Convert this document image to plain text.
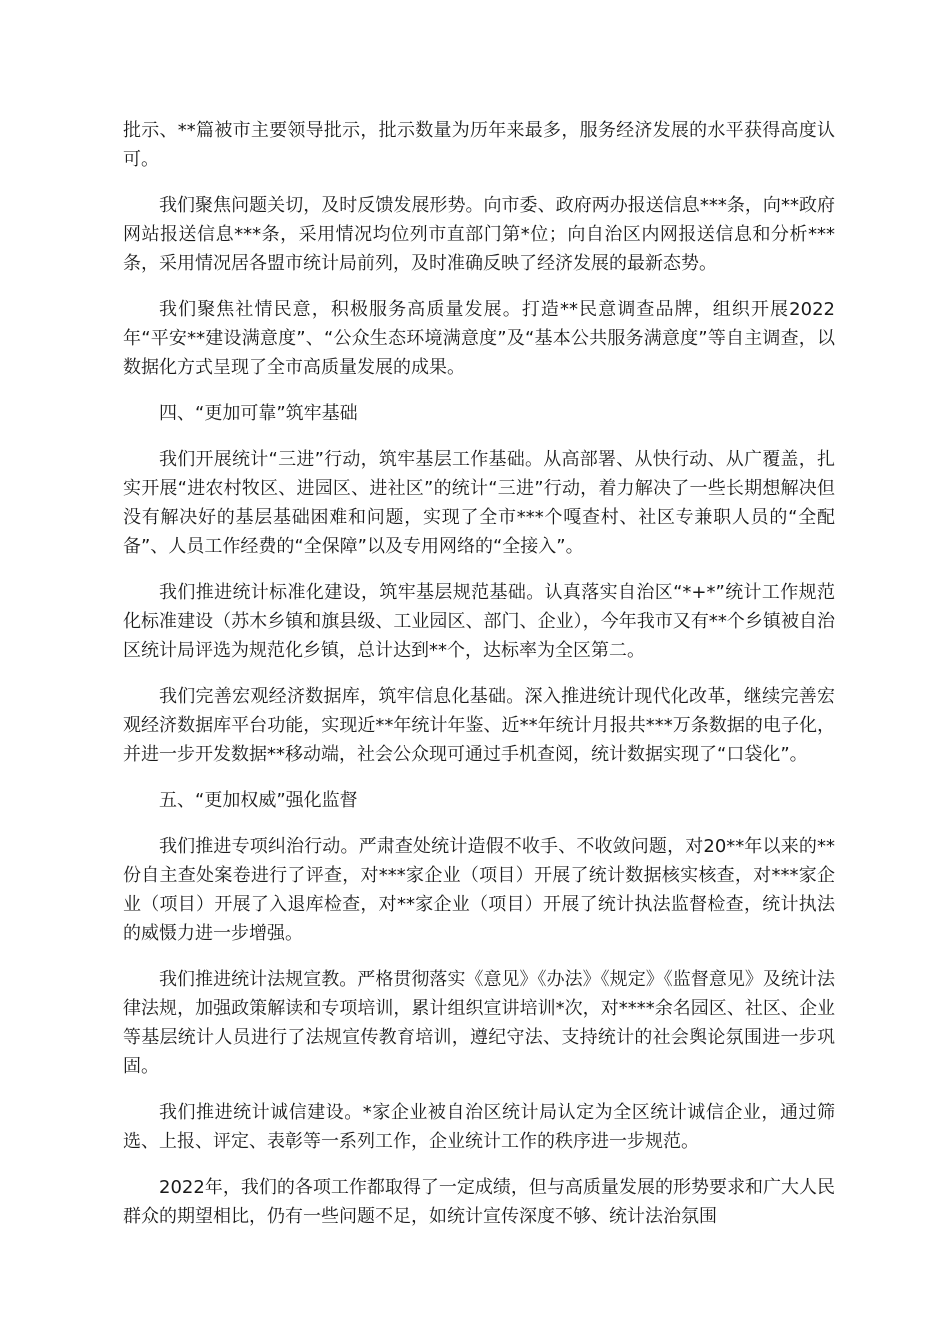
批示、**篇被市主要领导批示，批示数量为历年来最多，服务经济发展的水平获得高度认可。

我们聚焦问题关切，及时反馈发展形势。向市委、政府两办报送信息***条，向**政府网站报送信息***条，采用情况均位列市直部门第*位；向自治区内网报送信息和分析***条，采用情况居各盟市统计局前列，及时准确反映了经济发展的最新态势。

我们聚焦社情民意，积极服务高质量发展。打造**民意调查品牌，组织开展2022年“平安**建设满意度”、“公众生态环境满意度”及“基本公共服务满意度”等自主调查，以数据化方式呈现了全市高质量发展的成果。

四、“更加可靠”筑牢基础

我们开展统计“三进”行动，筑牢基层工作基础。从高部署、从快行动、从广覆盖，扎实开展“进农村牧区、进园区、进社区”的统计“三进”行动，着力解决了一些长期想解决但没有解决好的基层基础困难和问题，实现了全市***个嘎查村、社区专兼职人员的“全配备”、人员工作经费的“全保障”以及专用网络的“全接入”。

我们推进统计标准化建设，筑牢基层规范基础。认真落实自治区“*+*”统计工作规范化标准建设（苏木乡镇和旗县级、工业园区、部门、企业），今年我市又有**个乡镇被自治区统计局评选为规范化乡镇，总计达到**个，达标率为全区第二。

我们完善宏观经济数据库，筑牢信息化基础。深入推进统计现代化改革，继续完善宏观经济数据库平台功能，实现近**年统计年鉴、近**年统计月报共***万条数据的电子化，并进一步开发数据**移动端，社会公众现可通过手机查阅，统计数据实现了“口袋化”。

五、“更加权威”强化监督

我们推进专项纠治行动。严肃查处统计造假不收手、不收敛问题，对20**年以来的**份自主查处案卷进行了评查，对***家企业（项目）开展了统计数据核实核查，对***家企业（项目）开展了入退库检查，对**家企业（项目）开展了统计执法监督检查，统计执法的威慑力进一步增强。

我们推进统计法规宣教。严格贯彻落实《意见》《办法》《规定》《监督意见》及统计法律法规，加强政策解读和专项培训，累计组织宣讲培训*次，对****余名园区、社区、企业等基层统计人员进行了法规宣传教育培训，遵纪守法、支持统计的社会舆论氛围进一步巩固。

我们推进统计诚信建设。*家企业被自治区统计局认定为全区统计诚信企业，通过筛选、上报、评定、表彰等一系列工作，企业统计工作的秩序进一步规范。

2022年，我们的各项工作都取得了一定成绩，但与高质量发展的形势要求和广大人民群众的期望相比，仍有一些问题不足，如统计宣传深度不够、统计法治氛围
